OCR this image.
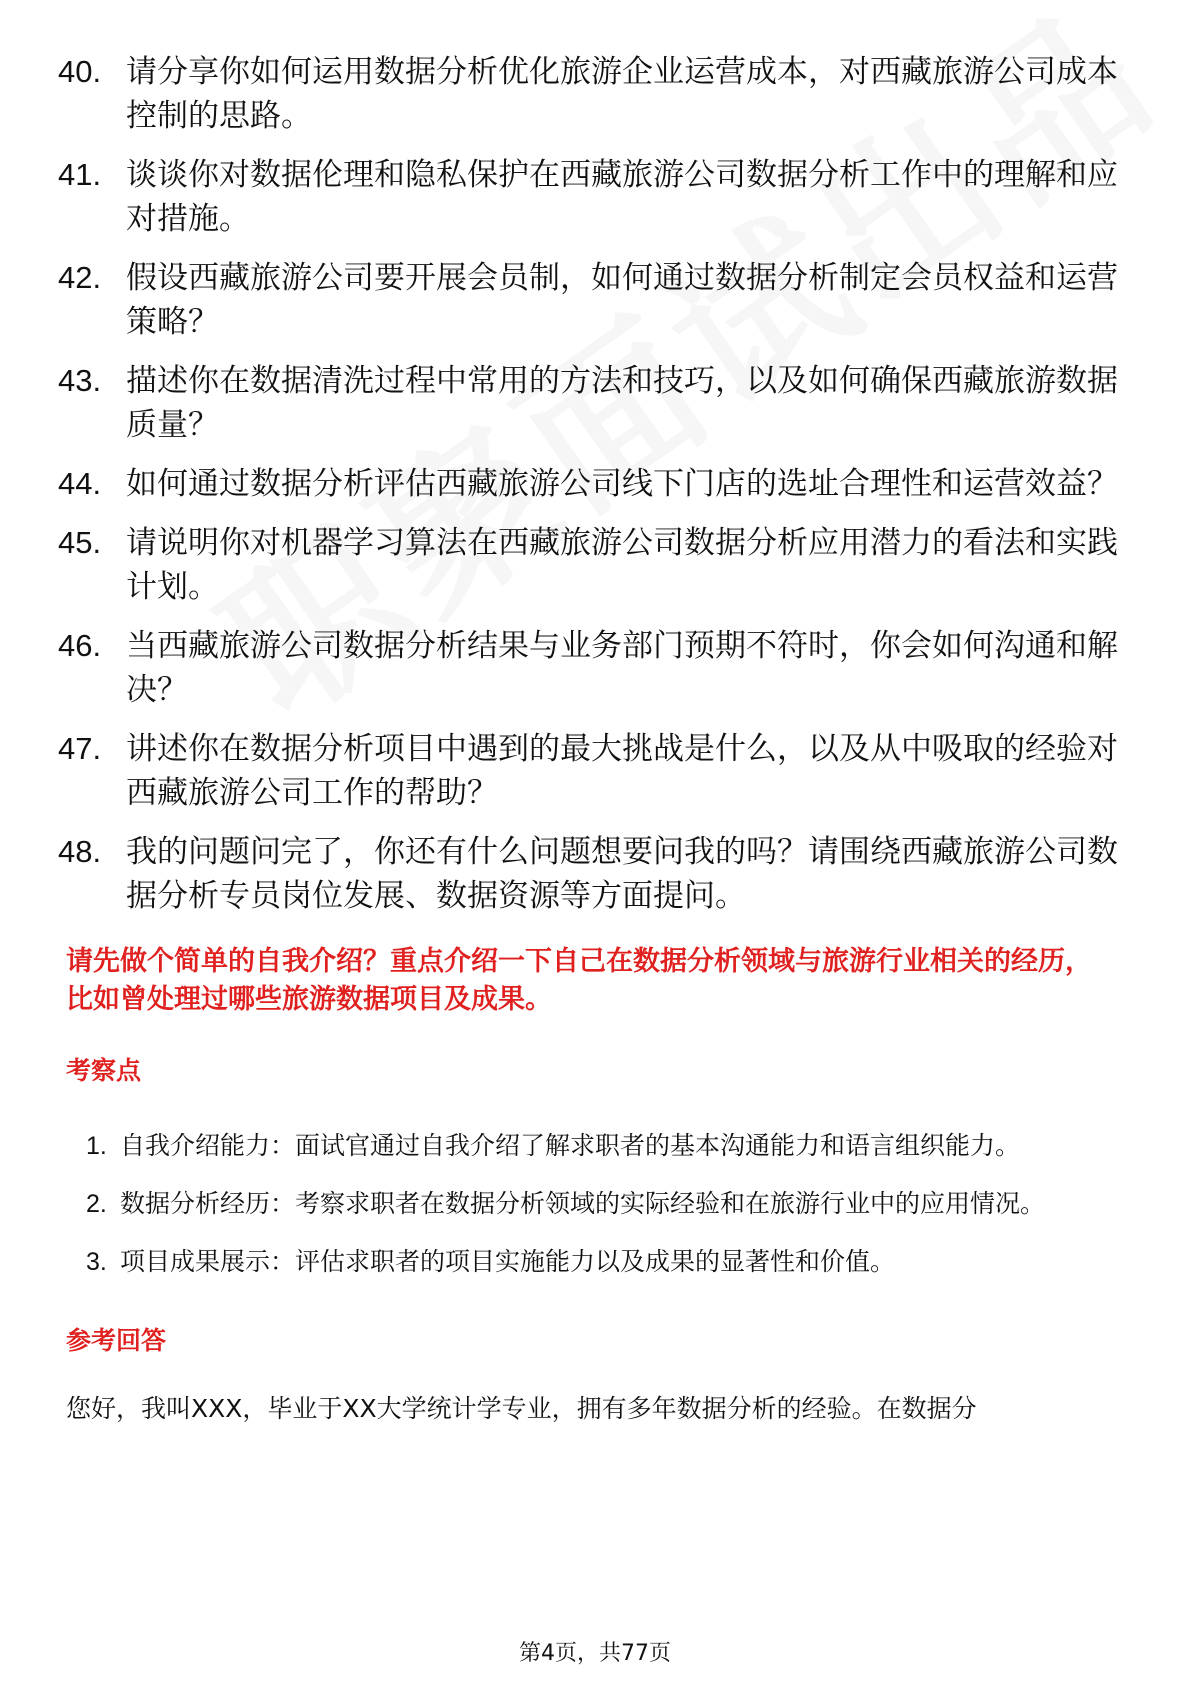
40. 请分享你如何运用数据分析优化旅游企业运营成本，对西藏旅游公司成本控制的思路。
41. 谈谈你对数据伦理和隐私保护在西藏旅游公司数据分析工作中的理解和应对措施。
42. 假设西藏旅游公司要开展会员制，如何通过数据分析制定会员权益和运营策略？
43. 描述你在数据清洗过程中常用的方法和技巧，以及如何确保西藏旅游数据质量？
44. 如何通过数据分析评估西藏旅游公司线下门店的选址合理性和运营效益？
45. 请说明你对机器学习算法在西藏旅游公司数据分析应用潜力的看法和实践计划。
46. 当西藏旅游公司数据分析结果与业务部门预期不符时，你会如何沟通和解决？
47. 讲述你在数据分析项目中遇到的最大挑战是什么，以及从中吸取的经验对西藏旅游公司工作的帮助？
48. 我的问题问完了，你还有什么问题想要问我的吗？请围绕西藏旅游公司数据分析专员岗位发展、数据资源等方面提问。
请先做个简单的自我介绍？重点介绍一下自己在数据分析领域与旅游行业相关的经历，比如曾处理过哪些旅游数据项目及成果。
考察点
1. 自我介绍能力：面试官通过自我介绍了解求职者的基本沟通能力和语言组织能力。
2. 数据分析经历：考察求职者在数据分析领域的实际经验和在旅游行业中的应用情况。
3. 项目成果展示：评估求职者的项目实施能力以及成果的显著性和价值。
参考回答
您好，我叫XXX，毕业于XX大学统计学专业，拥有多年数据分析的经验。在数据分
第4页，共77页
